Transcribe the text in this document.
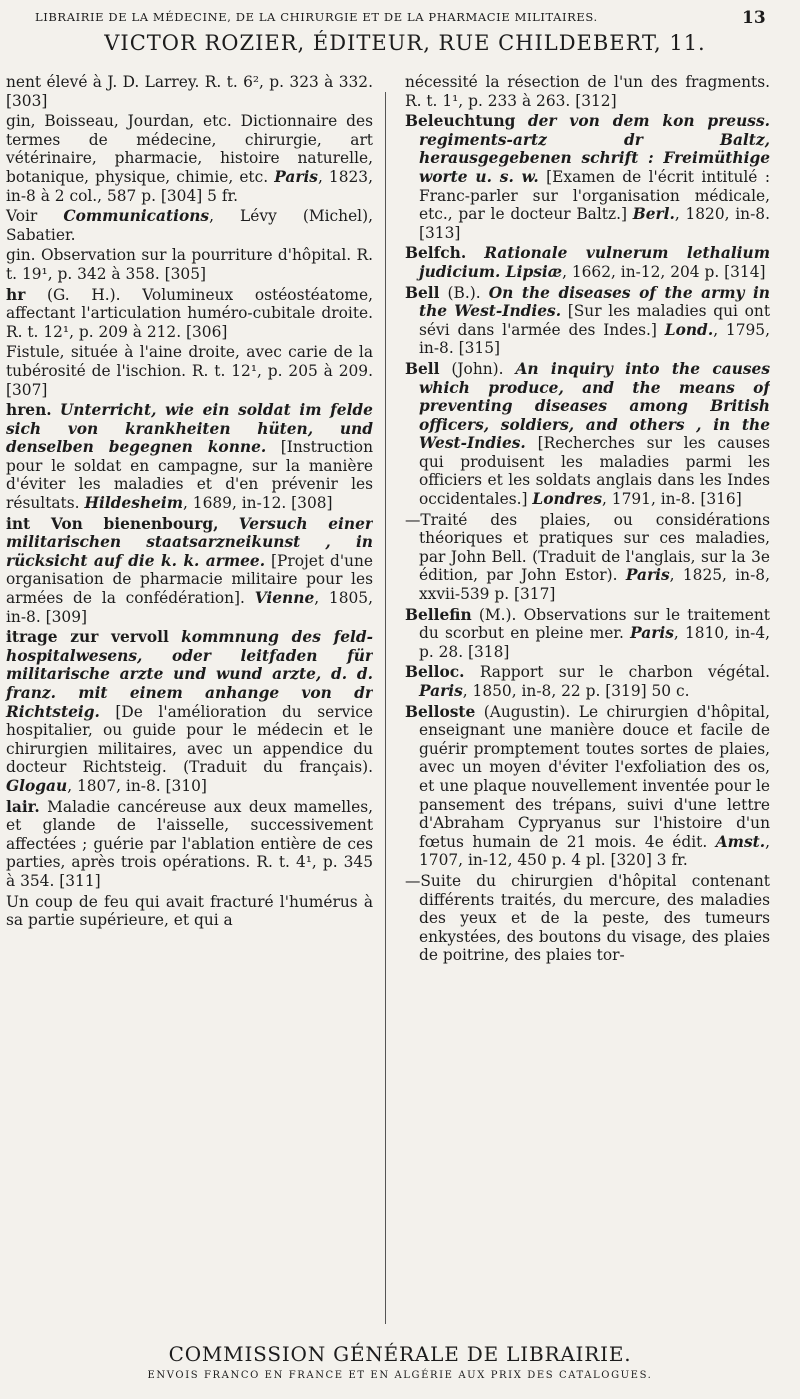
LIBRAIRIE DE LA MÉDECINE, DE LA CHIRURGIE ET DE LA PHARMACIE MILITAIRES.	13
VICTOR ROZIER, ÉDITEUR, RUE CHILDEBERT, 11.

nent élevé à J. D. Larrey. R. t. 6², p. 323 à 332. [303]

gin, Boisseau, Jourdan, etc. Dictionnaire des termes de médecine, chirurgie, art vétérinaire, pharmacie, histoire naturelle, botanique, physique, chimie, etc. Paris, 1823, in-8 à 2 col., 587 p. [304] 5 fr.

Voir Communications, Lévy (Michel), Sabatier.

gin. Observation sur la pourriture d'hôpital. R. t. 19¹, p. 342 à 358. [305]

hr (G. H.). Volumineux ostéostéatome, affectant l'articulation huméro-cubitale droite. R. t. 12¹, p. 209 à 212. [306]

Fistule, située à l'aine droite, avec carie de la tubérosité de l'ischion. R. t. 12¹, p. 205 à 209. [307]

hren. Unterricht, wie ein soldat im felde sich von krankheiten hüten, und denselben begegnen konne. [Instruction pour le soldat en campagne, sur la manière d'éviter les maladies et d'en prévenir les résultats. Hildesheim, 1689, in-12. [308]

int Von bienenbourg, Versuch einer militarischen staatsarzneikunst , in rücksicht auf die k. k. armee. [Projet d'une organisation de pharmacie militaire pour les armées de la confédération]. Vienne, 1805, in-8. [309]

itrage zur vervoll kommnung des feld-hospitalwesens, oder leitfaden für militarische arzte und wund arzte, d. d. franz. mit einem anhange von dr Richtsteig. [De l'amélioration du service hospitalier, ou guide pour le médecin et le chirurgien militaires, avec un appendice du docteur Richtsteig. (Traduit du français). Glogau, 1807, in-8. [310]

lair. Maladie cancéreuse aux deux mamelles, et glande de l'aisselle, successivement affectées ; guérie par l'ablation entière de ces parties, après trois opérations. R. t. 4¹, p. 345 à 354. [311]

Un coup de feu qui avait fracturé l'humérus à sa partie supérieure, et qui a

nécessité la résection de l'un des fragments. R. t. 1¹, p. 233 à 263. [312]

Beleuchtung der von dem kon preuss. regiments-artz dr Baltz, herausgegebenen schrift : Freimüthige worte u. s. w. [Examen de l'écrit intitulé : Franc-parler sur l'organisation médicale, etc., par le docteur Baltz.] Berl., 1820, in-8. [313]

Belfch. Rationale vulnerum lethalium judicium. Lipsiæ, 1662, in-12, 204 p. [314]

Bell (B.). On the diseases of the army in the West-Indies. [Sur les maladies qui ont sévi dans l'armée des Indes.] Lond., 1795, in-8. [315]

Bell (John). An inquiry into the causes which produce, and the means of preventing diseases among British officers, soldiers, and others , in the West-Indies. [Recherches sur les causes qui produisent les maladies parmi les officiers et les soldats anglais dans les Indes occidentales.] Londres, 1791, in-8. [316]

—Traité des plaies, ou considérations théoriques et pratiques sur ces maladies, par John Bell. (Traduit de l'anglais, sur la 3e édition, par John Estor). Paris, 1825, in-8, xxvii-539 p. [317]

Bellefin (M.). Observations sur le traitement du scorbut en pleine mer. Paris, 1810, in-4, p. 28. [318]

Belloc. Rapport sur le charbon végétal. Paris, 1850, in-8, 22 p. [319] 50 c.

Belloste (Augustin). Le chirurgien d'hôpital, enseignant une manière douce et facile de guérir promptement toutes sortes de plaies, avec un moyen d'éviter l'exfoliation des os, et une plaque nouvellement inventée pour le pansement des trépans, suivi d'une lettre d'Abraham Cypryanus sur l'histoire d'un fœtus humain de 21 mois. 4e édit. Amst., 1707, in-12, 450 p. 4 pl. [320] 3 fr.

—Suite du chirurgien d'hôpital contenant différents traités, du mercure, des maladies des yeux et de la peste, des tumeurs enkystées, des boutons du visage, des plaies de poitrine, des plaies tor-

COMMISSION GÉNÉRALE DE LIBRAIRIE.
ENVOIS FRANCO EN FRANCE ET EN ALGÉRIE AUX PRIX DES CATALOGUES.
